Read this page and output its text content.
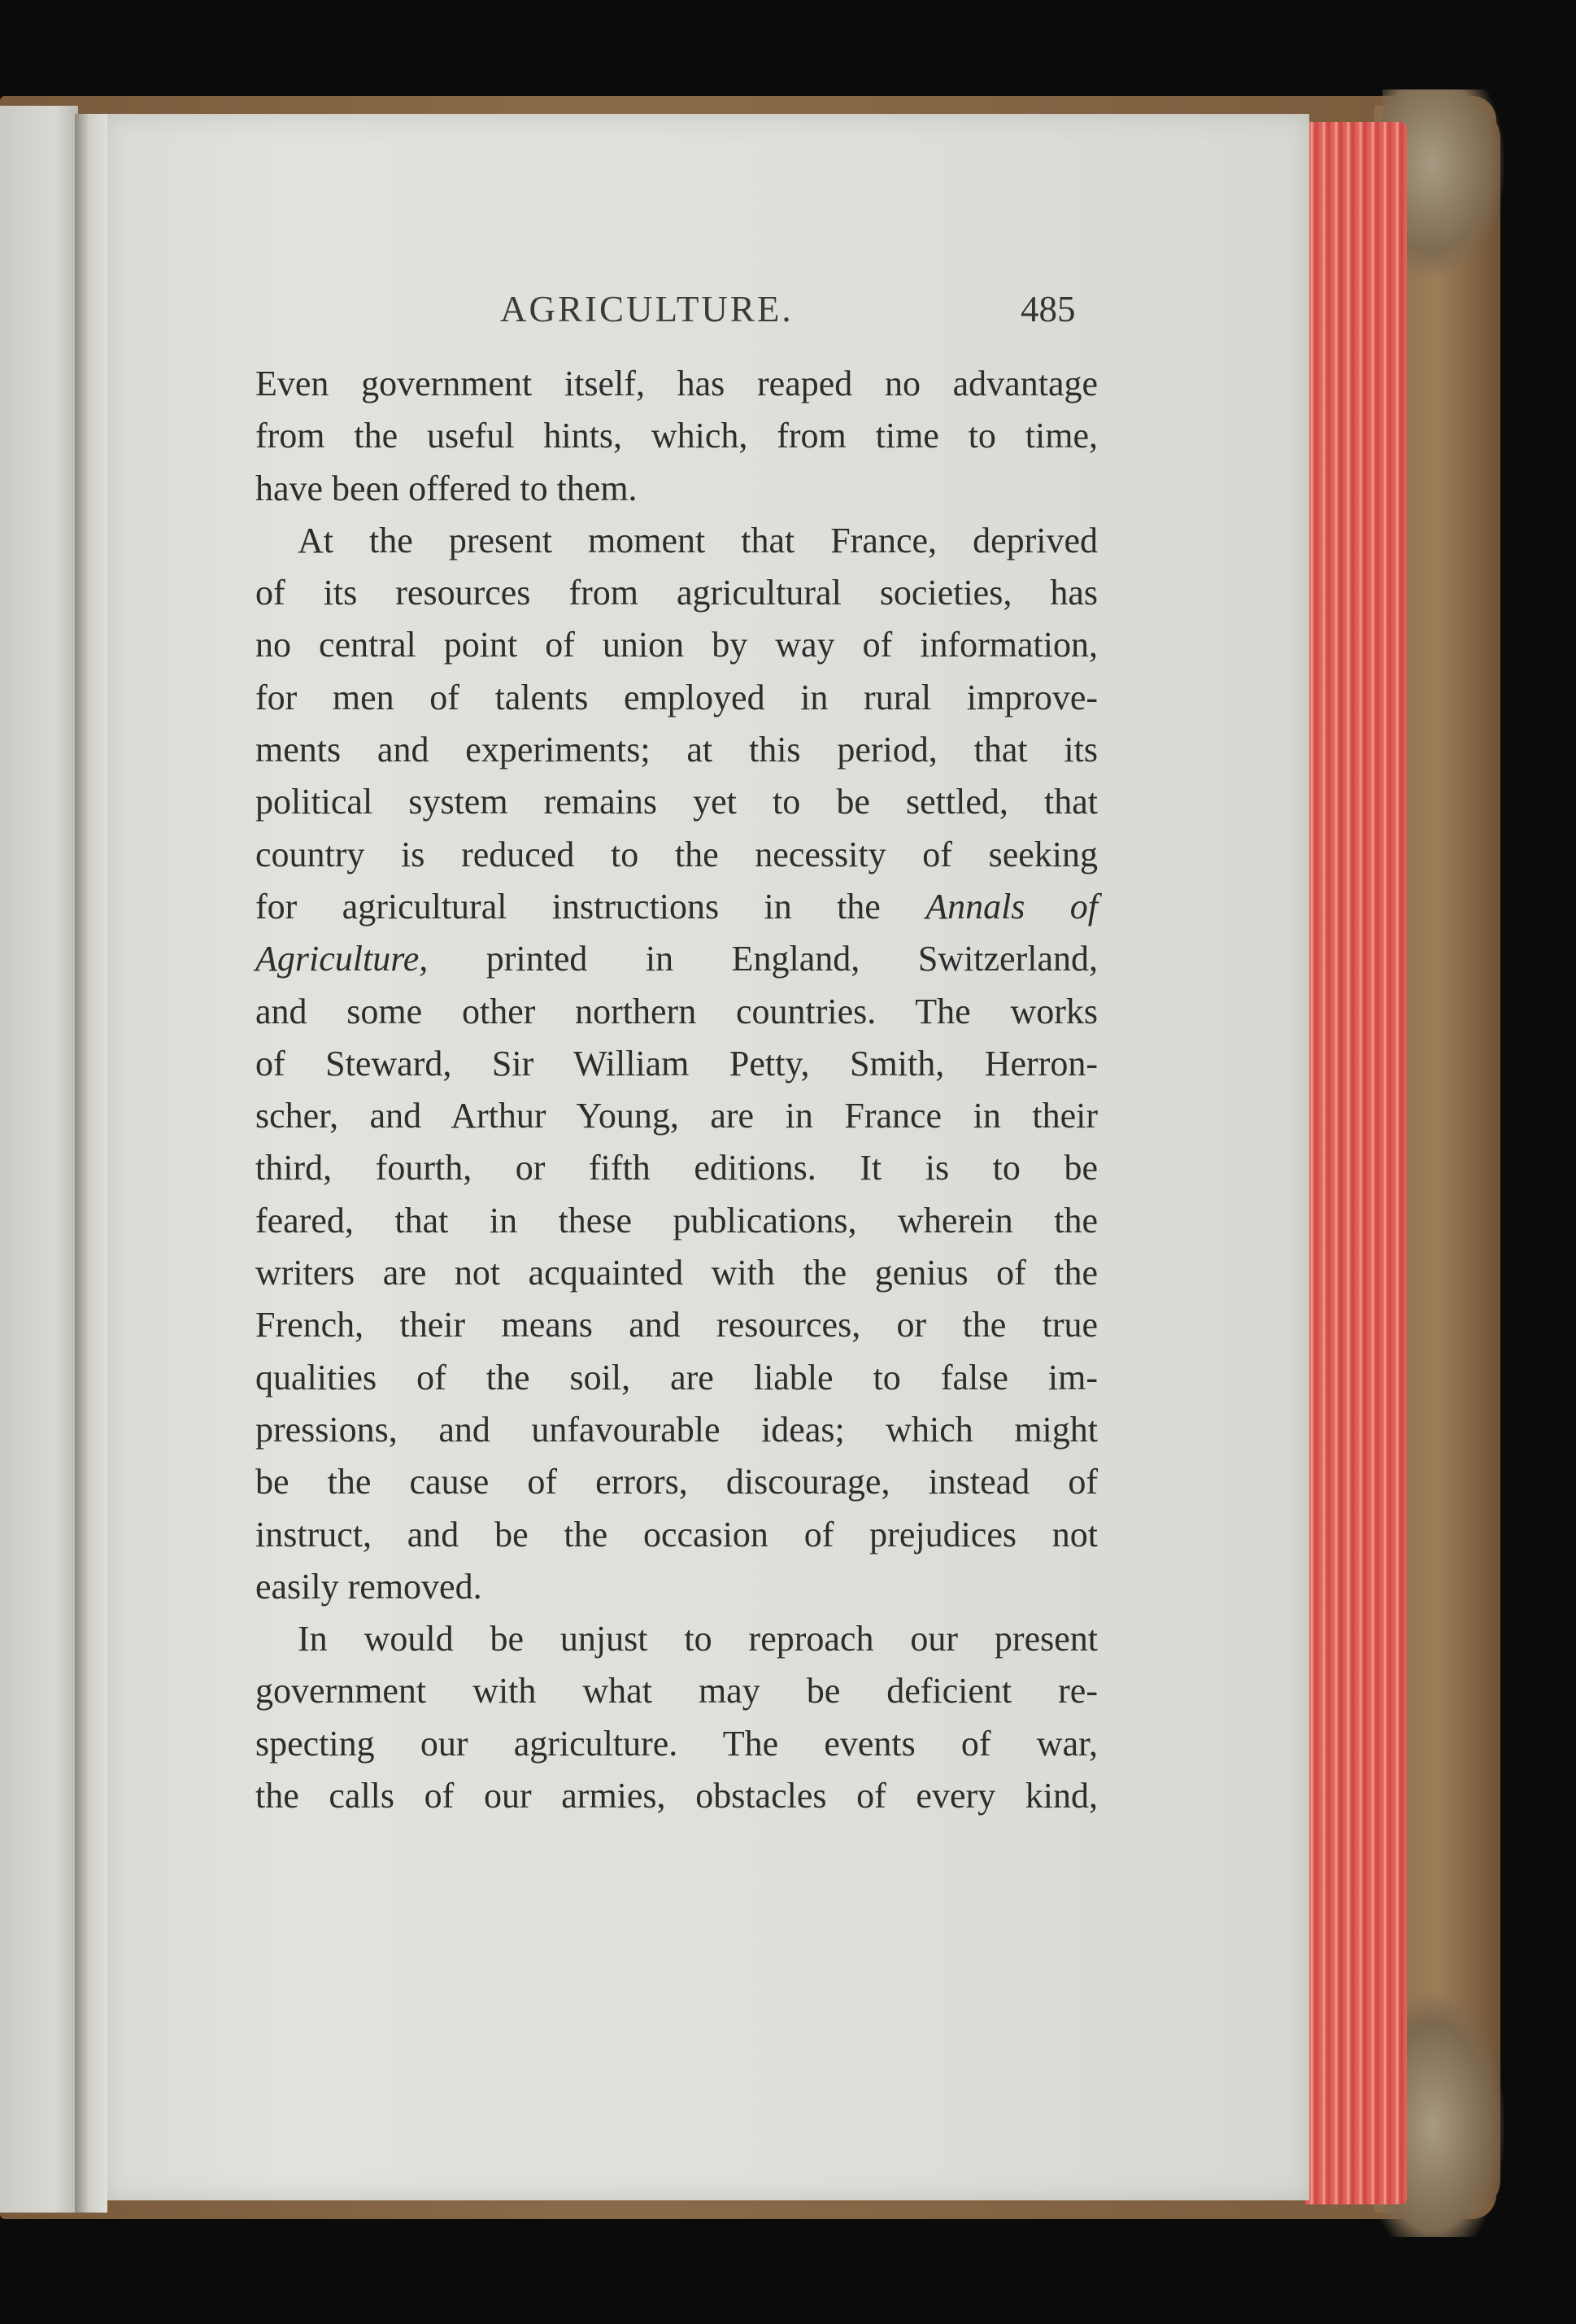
AGRICULTURE.	485
Even government itself, has reaped no advantage
from the useful hints, which, from time to time,
have been offered to them.
At the present moment that France, deprived
of its resources from agricultural societies, has
no central point of union by way of information,
for men of talents employed in rural improve-
ments and experiments; at this period, that its
political system remains yet to be settled, that
country is reduced to the necessity of seeking
for agricultural instructions in the Annals of
Agriculture, printed in England, Switzerland,
and some other northern countries. The works
of Steward, Sir William Petty, Smith, Herron-
scher, and Arthur Young, are in France in their
third, fourth, or fifth editions. It is to be
feared, that in these publications, wherein the
writers are not acquainted with the genius of the
French, their means and resources, or the true
qualities of the soil, are liable to false im-
pressions, and unfavourable ideas; which might
be the cause of errors, discourage, instead of
instruct, and be the occasion of prejudices not
easily removed.
In would be unjust to reproach our present
government with what may be deficient re-
specting our agriculture. The events of war,
the calls of our armies, obstacles of every kind,
